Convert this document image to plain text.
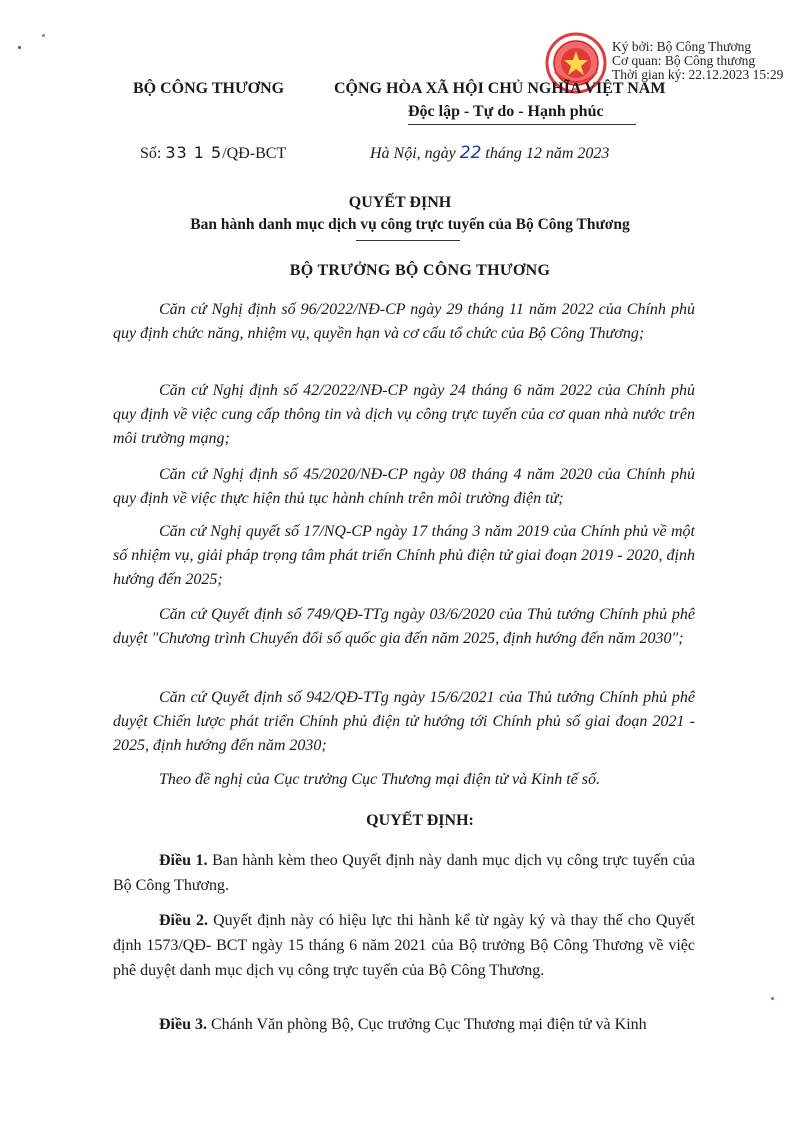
Ký bởi: Bộ Công Thương
Cơ quan: Bộ Công thương
Thời gian ký: 22.12.2023 15:29
BỘ CÔNG THƯƠNG	CỘNG HÒA XÃ HỘI CHỦ NGHĨA VIỆT NAM
Độc lập - Tự do - Hạnh phúc
Số: 33 1 5/QĐ-BCT	Hà Nội, ngày 22 tháng 12 năm 2023
QUYẾT ĐỊNH
Ban hành danh mục dịch vụ công trực tuyến của Bộ Công Thương
BỘ TRƯỞNG BỘ CÔNG THƯƠNG
Căn cứ Nghị định số 96/2022/NĐ-CP ngày 29 tháng 11 năm 2022 của Chính phủ quy định chức năng, nhiệm vụ, quyền hạn và cơ cấu tổ chức của Bộ Công Thương;
Căn cứ Nghị định số 42/2022/NĐ-CP ngày 24 tháng 6 năm 2022 của Chính phủ quy định về việc cung cấp thông tin và dịch vụ công trực tuyến của cơ quan nhà nước trên môi trường mạng;
Căn cứ Nghị định số 45/2020/NĐ-CP ngày 08 tháng 4 năm 2020 của Chính phủ quy định về việc thực hiện thủ tục hành chính trên môi trường điện tử;
Căn cứ Nghị quyết số 17/NQ-CP ngày 17 tháng 3 năm 2019 của Chính phủ về một số nhiệm vụ, giải pháp trọng tâm phát triển Chính phủ điện tử giai đoạn 2019 - 2020, định hướng đến 2025;
Căn cứ Quyết định số 749/QĐ-TTg ngày 03/6/2020 của Thủ tướng Chính phủ phê duyệt "Chương trình Chuyển đổi số quốc gia đến năm 2025, định hướng đến năm 2030";
Căn cứ Quyết định số 942/QĐ-TTg ngày 15/6/2021 của Thủ tướng Chính phủ phê duyệt Chiến lược phát triển Chính phủ điện tử hướng tới Chính phủ số giai đoạn 2021 - 2025, định hướng đến năm 2030;
Theo đề nghị của Cục trưởng Cục Thương mại điện tử và Kinh tế số.
QUYẾT ĐỊNH:
Điều 1. Ban hành kèm theo Quyết định này danh mục dịch vụ công trực tuyến của Bộ Công Thương.
Điều 2. Quyết định này có hiệu lực thi hành kể từ ngày ký và thay thế cho Quyết định 1573/QĐ- BCT ngày 15 tháng 6 năm 2021 của Bộ trưởng Bộ Công Thương về việc phê duyệt danh mục dịch vụ công trực tuyến của Bộ Công Thương.
Điều 3. Chánh Văn phòng Bộ, Cục trưởng Cục Thương mại điện tử và Kinh
